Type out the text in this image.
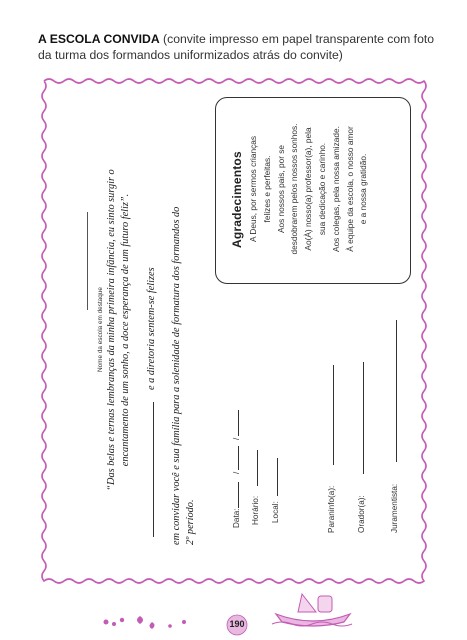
A ESCOLA CONVIDA (convite impresso em papel transparente com foto
da turma dos formandos uniformizados atrás do convite)
Nome da escola em destaque “Das belas e ternas lembranças da minha primeira infância, eu sinto surgir o encantamento de um sonho, a doce esperança de um futuro feliz”. e a diretoria sentem-se felizes em convidar você e sua família para a solenidade de formatura dos formandos do 2º período.
Agradecimentos A Deus, por sermos crianças felizes e perfeitas. Aos nossos pais, por se desdobrarem pelos nossos sonhos. Ao(À) nosso(a) professor(a), pela sua dedicação e carinho. Aos colegas, pela nossa amizade. À equipe da escola, o nosso amor e a nossa gratidão.
Data:
/
/
Horário: Local:	Paraninfo(a):	Orador(a):	Juramentista:
190
